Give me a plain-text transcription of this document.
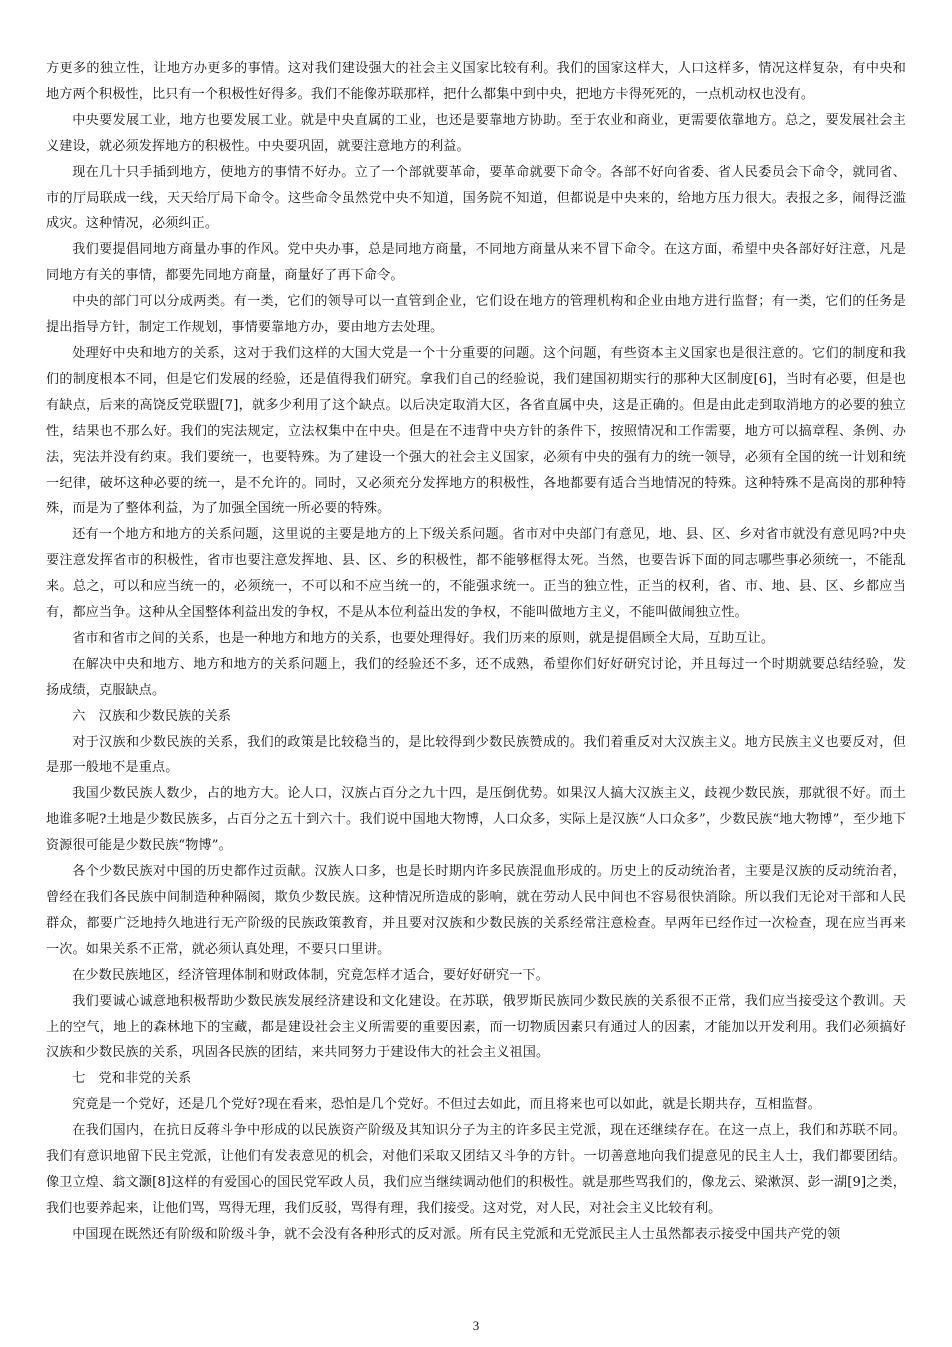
方更多的独立性，让地方办更多的事情。这对我们建设强大的社会主义国家比较有利。我们的国家这样大，人口这样多，情况这样复杂，有中央和地方两个积极性，比只有一个积极性好得多。我们不能像苏联那样，把什么都集中到中央，把地方卡得死死的，一点机动权也没有。

中央要发展工业，地方也要发展工业。就是中央直属的工业，也还是要靠地方协助。至于农业和商业，更需要依靠地方。总之，要发展社会主义建设，就必须发挥地方的积极性。中央要巩固，就要注意地方的利益。

现在几十只手插到地方，使地方的事情不好办。立了一个部就要革命，要革命就要下命令。各部不好向省委、省人民委员会下命令，就同省、市的厅局联成一线，天天给厅局下命令。这些命令虽然党中央不知道，国务院不知道，但都说是中央来的，给地方压力很大。表报之多，闹得泛滥成灾。这种情况，必须纠正。

我们要提倡同地方商量办事的作风。党中央办事，总是同地方商量，不同地方商量从来不冒下命令。在这方面，希望中央各部好好注意，凡是同地方有关的事情，都要先同地方商量，商量好了再下命令。

中央的部门可以分成两类。有一类，它们的领导可以一直管到企业，它们设在地方的管理机构和企业由地方进行监督；有一类，它们的任务是提出指导方针，制定工作规划，事情要靠地方办，要由地方去处理。

处理好中央和地方的关系，这对于我们这样的大国大党是一个十分重要的问题。这个问题，有些资本主义国家也是很注意的。它们的制度和我们的制度根本不同，但是它们发展的经验，还是值得我们研究。拿我们自己的经验说，我们建国初期实行的那种大区制度[6]，当时有必要，但是也有缺点，后来的高饶反党联盟[7]，就多少利用了这个缺点。以后决定取消大区，各省直属中央，这是正确的。但是由此走到取消地方的必要的独立性，结果也不那么好。我们的宪法规定，立法权集中在中央。但是在不违背中央方针的条件下，按照情况和工作需要，地方可以搞章程、条例、办法，宪法并没有约束。我们要统一，也要特殊。为了建设一个强大的社会主义国家，必须有中央的强有力的统一领导，必须有全国的统一计划和统一纪律，破坏这种必要的统一，是不允许的。同时，又必须充分发挥地方的积极性，各地都要有适合当地情况的特殊。这种特殊不是高岗的那种特殊，而是为了整体利益，为了加强全国统一所必要的特殊。

还有一个地方和地方的关系问题，这里说的主要是地方的上下级关系问题。省市对中央部门有意见，地、县、区、乡对省市就没有意见吗?中央要注意发挥省市的积极性，省市也要注意发挥地、县、区、乡的积极性，都不能够框得太死。当然，也要告诉下面的同志哪些事必须统一，不能乱来。总之，可以和应当统一的，必须统一，不可以和不应当统一的，不能强求统一。正当的独立性，正当的权利，省、市、地、县、区、乡都应当有，都应当争。这种从全国整体利益出发的争权，不是从本位利益出发的争权，不能叫做地方主义，不能叫做闹独立性。

省市和省市之间的关系，也是一种地方和地方的关系，也要处理得好。我们历来的原则，就是提倡顾全大局，互助互让。

在解决中央和地方、地方和地方的关系问题上，我们的经验还不多，还不成熟，希望你们好好研究讨论，并且每过一个时期就要总结经验，发扬成绩，克服缺点。

六　汉族和少数民族的关系

对于汉族和少数民族的关系，我们的政策是比较稳当的，是比较得到少数民族赞成的。我们着重反对大汉族主义。地方民族主义也要反对，但是那一般地不是重点。

我国少数民族人数少，占的地方大。论人口，汉族占百分之九十四，是压倒优势。如果汉人搞大汉族主义，歧视少数民族，那就很不好。而土地谁多呢?土地是少数民族多，占百分之五十到六十。我们说中国地大物博，人口众多，实际上是汉族“人口众多”，少数民族“地大物博”，至少地下资源很可能是少数民族“物博”。

各个少数民族对中国的历史都作过贡献。汉族人口多，也是长时期内许多民族混血形成的。历史上的反动统治者，主要是汉族的反动统治者，曾经在我们各民族中间制造种种隔阂，欺负少数民族。这种情况所造成的影响，就在劳动人民中间也不容易很快消除。所以我们无论对干部和人民群众，都要广泛地持久地进行无产阶级的民族政策教育，并且要对汉族和少数民族的关系经常注意检查。早两年已经作过一次检查，现在应当再来一次。如果关系不正常，就必须认真处理，不要只口里讲。

在少数民族地区，经济管理体制和财政体制，究竟怎样才适合，要好好研究一下。

我们要诚心诚意地积极帮助少数民族发展经济建设和文化建设。在苏联，俄罗斯民族同少数民族的关系很不正常，我们应当接受这个教训。天上的空气，地上的森林地下的宝藏，都是建设社会主义所需要的重要因素，而一切物质因素只有通过人的因素，才能加以开发利用。我们必须搞好汉族和少数民族的关系，巩固各民族的团结，来共同努力于建设伟大的社会主义祖国。

七　党和非党的关系

究竟是一个党好，还是几个党好?现在看来，恐怕是几个党好。不但过去如此，而且将来也可以如此，就是长期共存，互相监督。

在我们国内，在抗日反蒋斗争中形成的以民族资产阶级及其知识分子为主的许多民主党派，现在还继续存在。在这一点上，我们和苏联不同。我们有意识地留下民主党派，让他们有发表意见的机会，对他们采取又团结又斗争的方针。一切善意地向我们提意见的民主人士，我们都要团结。像卫立煌、翁文灏[8]这样的有爱国心的国民党军政人员，我们应当继续调动他们的积极性。就是那些骂我们的，像龙云、梁漱溟、彭一湖[9]之类，我们也要养起来，让他们骂，骂得无理，我们反驳，骂得有理，我们接受。这对党，对人民，对社会主义比较有利。

中国现在既然还有阶级和阶级斗争，就不会没有各种形式的反对派。所有民主党派和无党派民主人士虽然都表示接受中国共产党的领

3
